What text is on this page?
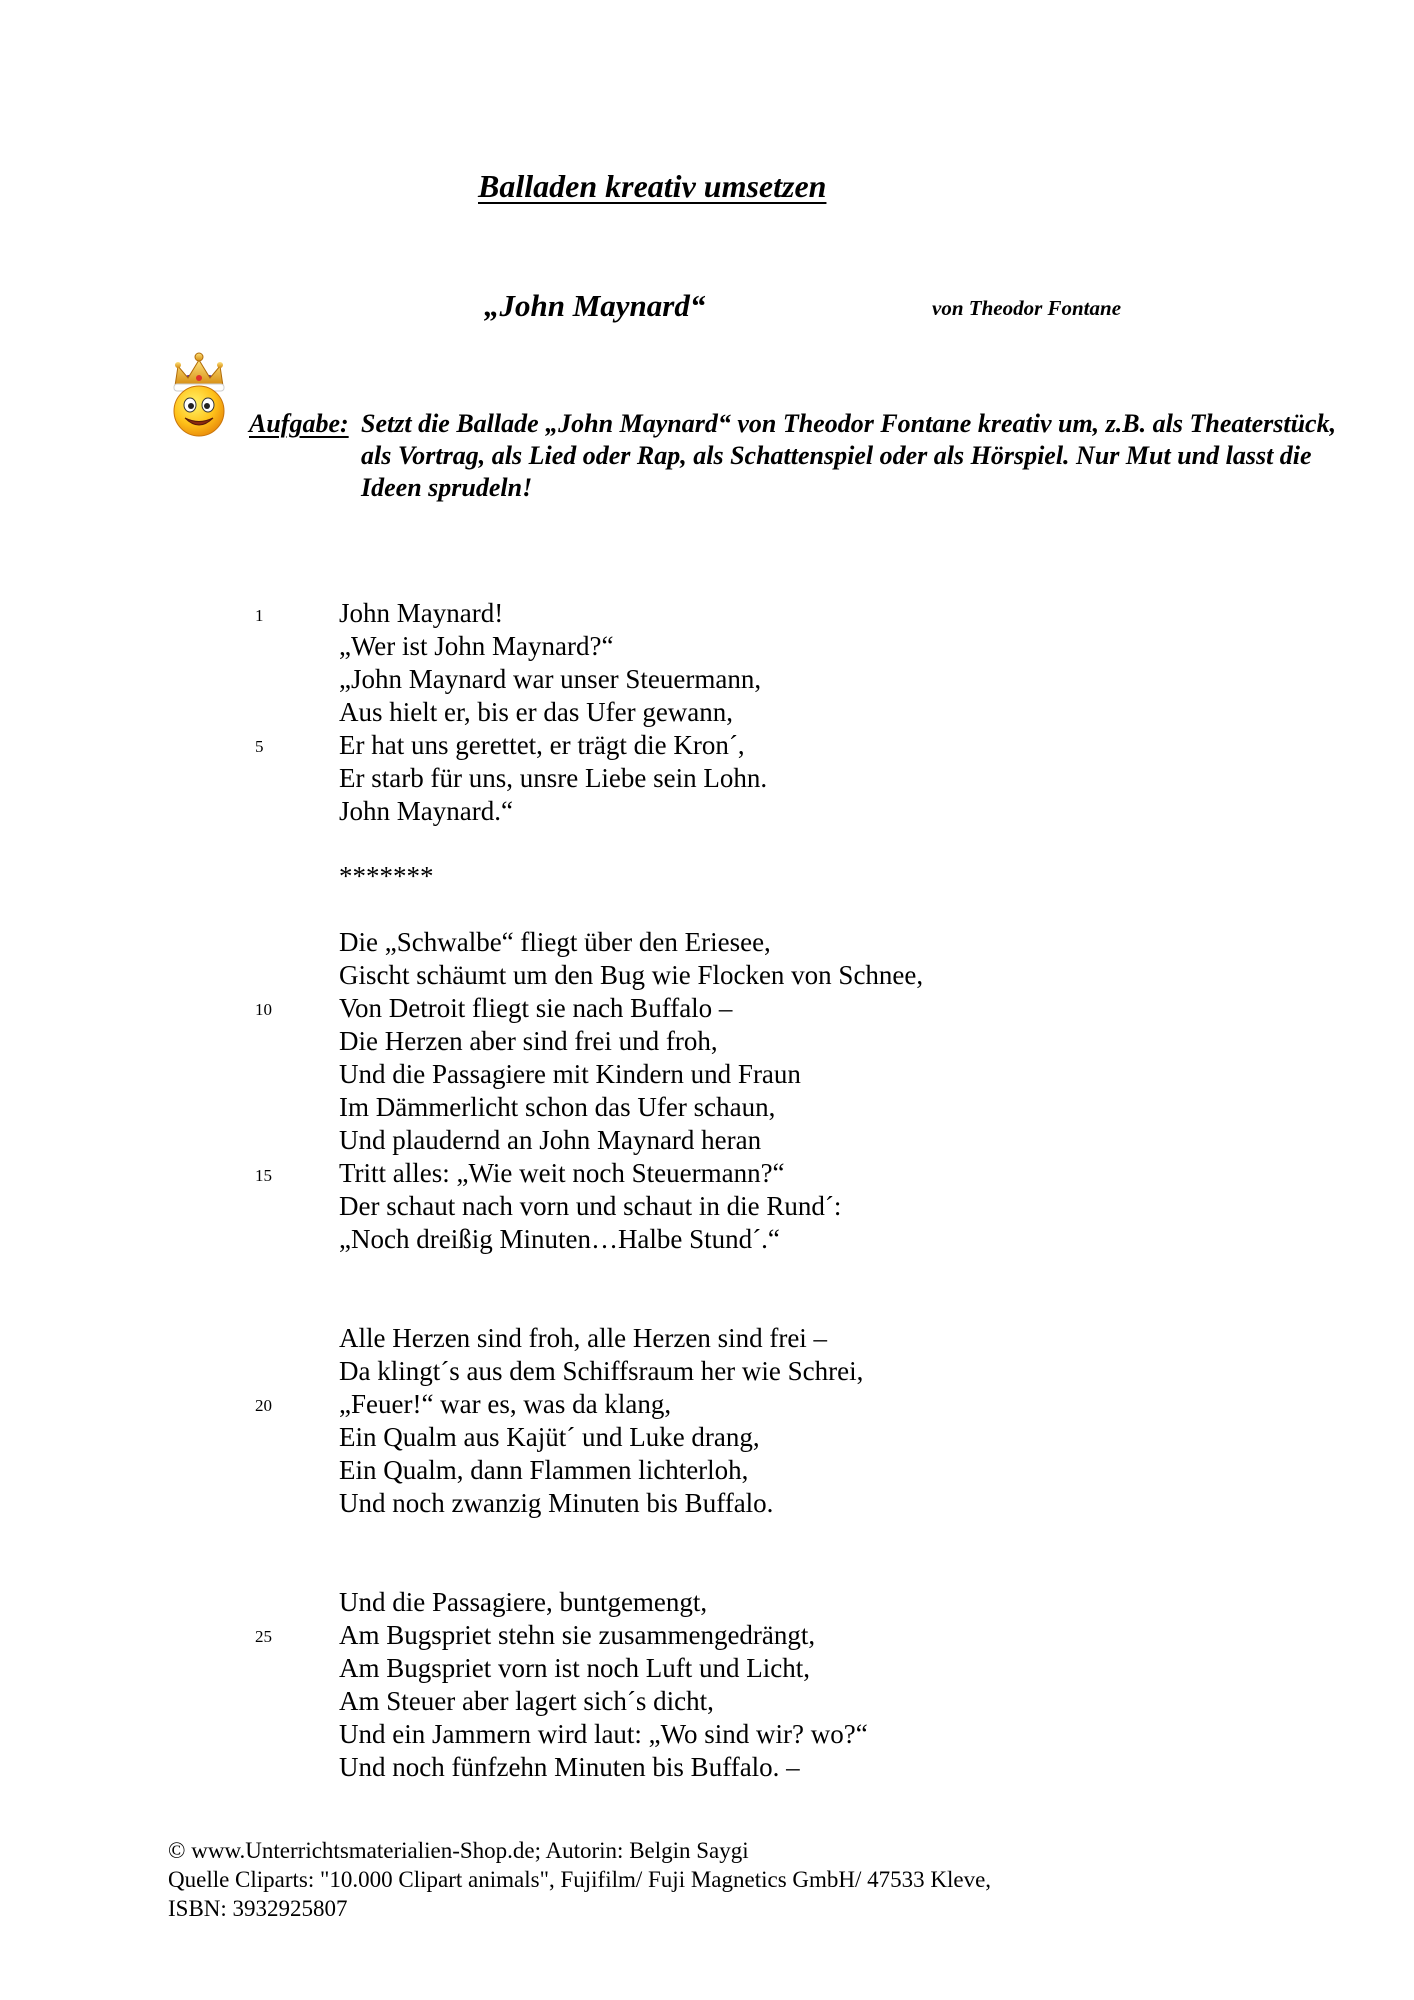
Balladen kreativ umsetzen
„John Maynard“	von Theodor Fontane
Aufgabe: Setzt die Ballade „John Maynard“ von Theodor Fontane kreativ um, z.B. als Theaterstück, als Vortrag, als Lied oder Rap, als Schattenspiel oder als Hörspiel. Nur Mut und lasst die Ideen sprudeln!
John Maynard!
„Wer ist John Maynard?“
„John Maynard war unser Steuermann,
Aus hielt er, bis er das Ufer gewann,
Er hat uns gerettet, er trägt die Kron´,
Er starb für uns, unsre Liebe sein Lohn.
John Maynard.“
*******
Die „Schwalbe“ fliegt über den Eriesee,
Gischt schäumt um den Bug wie Flocken von Schnee,
Von Detroit fliegt sie nach Buffalo –
Die Herzen aber sind frei und froh,
Und die Passagiere mit Kindern und Fraun
Im Dämmerlicht schon das Ufer schaun,
Und plaudernd an John Maynard heran
Tritt alles: „Wie weit noch Steuermann?“
Der schaut nach vorn und schaut in die Rund´:
„Noch dreißig Minuten…Halbe Stund´.“
Alle Herzen sind froh, alle Herzen sind frei –
Da klingt´s aus dem Schiffsraum her wie Schrei,
„Feuer!“ war es, was da klang,
Ein Qualm aus Kajüt´ und Luke drang,
Ein Qualm, dann Flammen lichterloh,
Und noch zwanzig Minuten bis Buffalo.
Und die Passagiere, buntgemengt,
Am Bugspriet stehn sie zusammengedrängt,
Am Bugspriet vorn ist noch Luft und Licht,
Am Steuer aber lagert sich´s dicht,
Und ein Jammern wird laut: „Wo sind wir? wo?“
Und noch fünfzehn Minuten bis Buffalo. –
1
5
10
15
20
25
© www.Unterrichtsmaterialien-Shop.de; Autorin: Belgin Saygi
Quelle Cliparts: "10.000 Clipart animals", Fujifilm/ Fuji Magnetics GmbH/ 47533 Kleve,
ISBN: 3932925807
